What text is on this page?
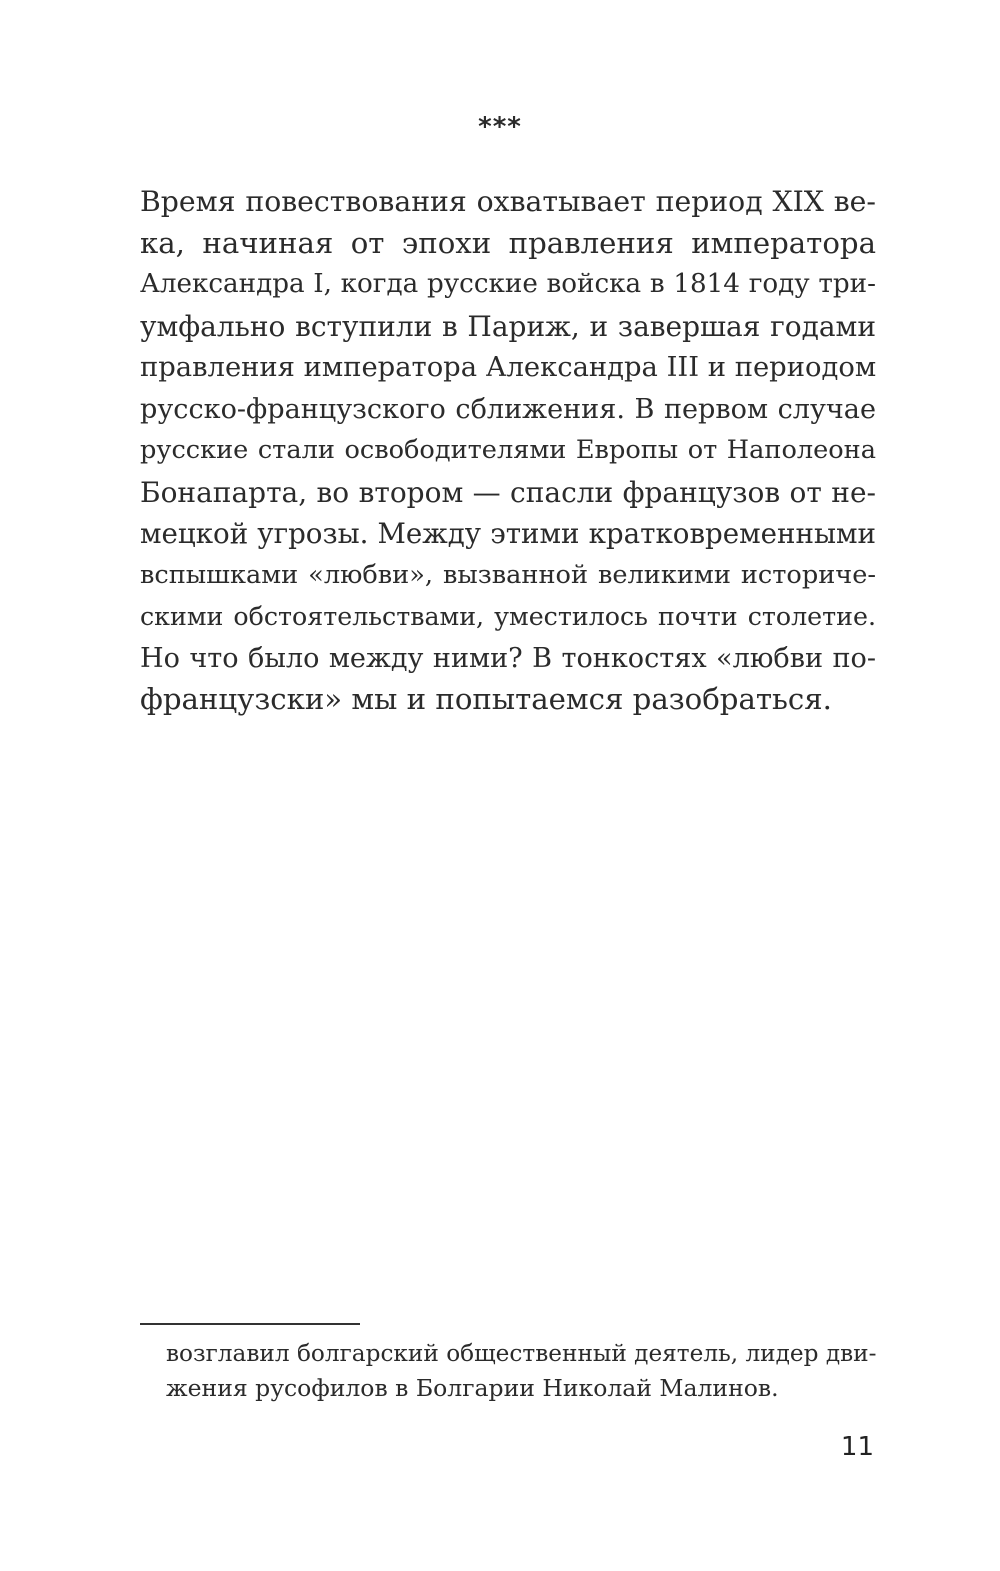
***
Время повествования охватывает период XIX ве-
ка, начиная от эпохи правления императора
Александра I, когда русские войска в 1814 году три-
умфально вступили в Париж, и завершая годами
правления императора Александра III и периодом
русско-французского сближения. В первом случае
русские стали освободителями Европы от Наполеона
Бонапарта, во втором — спасли французов от не-
мецкой угрозы. Между этими кратковременными
вспышками «любви», вызванной великими историче-
скими обстоятельствами, уместилось почти столетие.
Но что было между ними? В тонкостях «любви по-
французски» мы и попытаемся разобраться.
возглавил болгарский общественный деятель, лидер дви-
жения русофилов в Болгарии Николай Малинов.
11
